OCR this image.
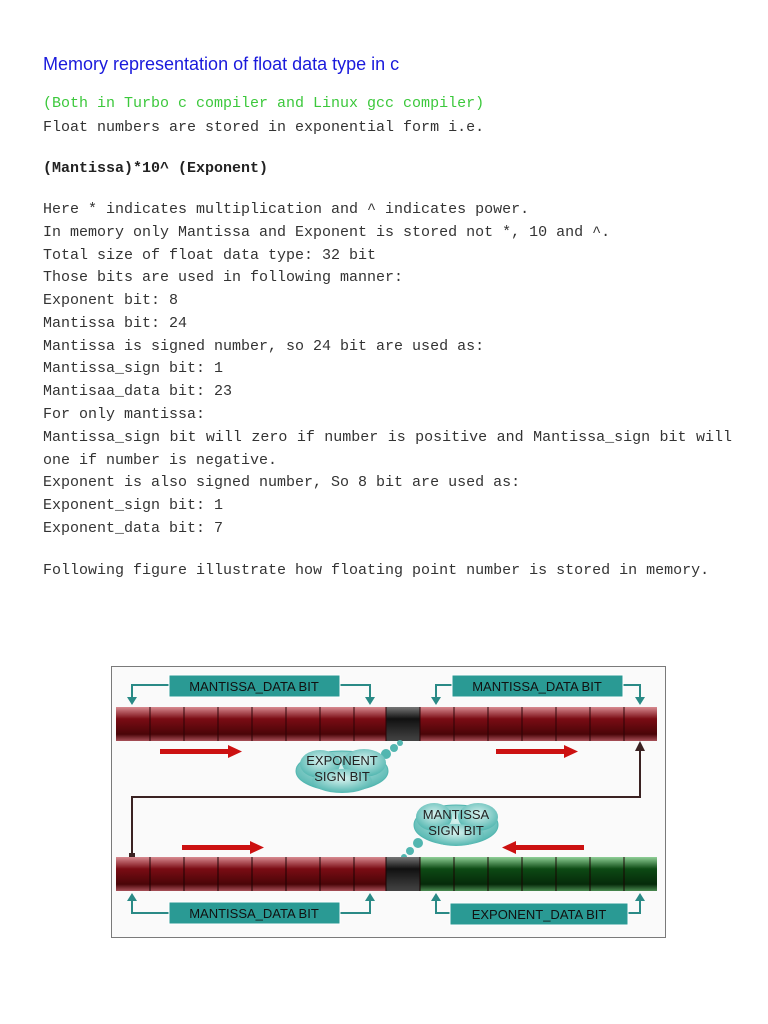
Memory representation of float data type in c
(Both in Turbo c compiler and Linux gcc compiler)
Float numbers are stored in exponential form i.e.
(Mantissa)*10^ (Exponent)
Here * indicates multiplication and ^ indicates power.
In memory only Mantissa and Exponent is stored not *, 10 and ^.
Total size of float data type: 32 bit
Those bits are used in following manner:
Exponent bit: 8
Mantissa bit: 24
Mantissa is signed number, so 24 bit are used as:
Mantissa_sign bit: 1
Mantisaa_data bit: 23
For only mantissa:
Mantissa_sign bit will zero if number is positive and Mantissa_sign bit will one if number is negative.
Exponent is also signed number, So 8 bit are used as:
Exponent_sign bit: 1
Exponent_data bit: 7
Following figure illustrate how floating point number is stored in memory.
MANTISSA_DATA BIT	MANTISSA_DATA BIT
EXPONENT
SIGN BIT
MANTISSA
SIGN BIT
MANTISSA_DATA BIT	EXPONENT_DATA BIT
